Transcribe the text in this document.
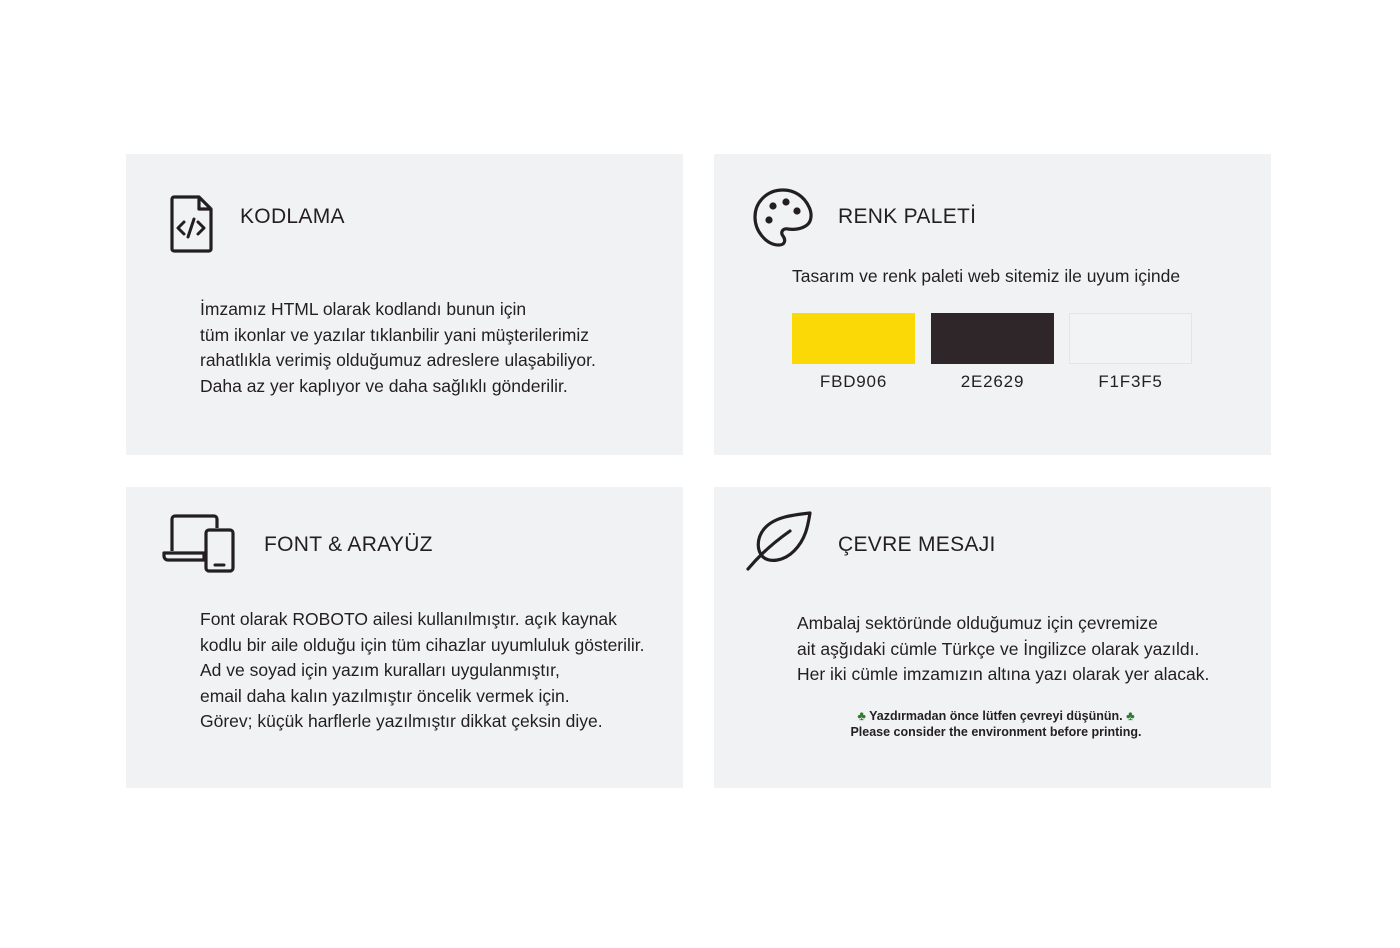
KODLAMA
İmzamız HTML olarak kodlandı bunun için
tüm ikonlar ve yazılar tıklanbilir yani müşterilerimiz
rahatlıkla verimiş olduğumuz adreslere ulaşabiliyor.
Daha az yer kaplıyor ve daha sağlıklı gönderilir.
RENK PALETİ
Tasarım ve renk paleti web sitemiz ile uyum içinde
FBD906	2E2629	F1F3F5
FONT & ARAYÜZ
Font olarak ROBOTO ailesi kullanılmıştır. açık kaynak
kodlu bir aile olduğu için tüm cihazlar uyumluluk gösterilir.
Ad ve soyad için yazım kuralları uygulanmıştır,
email daha kalın yazılmıştır öncelik vermek için.
Görev; küçük harflerle yazılmıştır dikkat çeksin diye.
ÇEVRE MESAJI
Ambalaj sektöründe olduğumuz için çevremize
ait aşğıdaki cümle Türkçe ve İngilizce olarak yazıldı.
Her iki cümle imzamızın altına yazı olarak yer alacak.
♣ Yazdırmadan önce lütfen çevreyi düşünün. ♣
Please consider the environment before printing.
